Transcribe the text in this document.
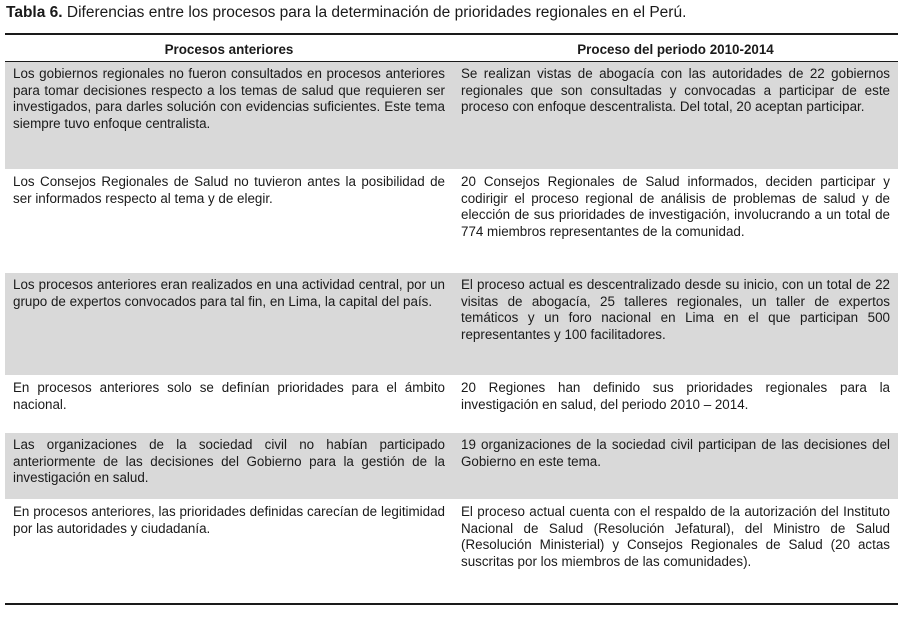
Tabla 6. Diferencias entre los procesos para la determinación de prioridades regionales en el Perú.
Procesos anteriores	Proceso del periodo 2010-2014
Los gobiernos regionales no fueron consultados en procesos anteriores para tomar decisiones respecto a los temas de salud que requieren ser investigados, para darles solución con evidencias suficientes. Este tema siempre tuvo enfoque centralista.
Se realizan vistas de abogacía con las autoridades de 22 gobiernos regionales que son consultadas y convocadas a participar de este proceso con enfoque descentralista. Del total, 20 aceptan participar.
Los Consejos Regionales de Salud no tuvieron antes la posibilidad de ser informados respecto al tema y de elegir.
20 Consejos Regionales de Salud informados, deciden participar y codirigir el proceso regional de análisis de problemas de salud y de elección de sus prioridades de investigación, involucrando a un total de 774 miembros representantes de la comunidad.
Los procesos anteriores eran realizados en una actividad central, por un grupo de expertos convocados para tal fin, en Lima, la capital del país.
El proceso actual es descentralizado desde su inicio, con un total de 22 visitas de abogacía, 25 talleres regionales, un taller de expertos temáticos y un foro nacional en Lima en el que participan 500 representantes y 100 facilitadores.
En procesos anteriores solo se definían prioridades para el ámbito nacional.
20 Regiones han definido sus prioridades regionales para la investigación en salud, del periodo 2010 – 2014.
Las organizaciones de la sociedad civil no habían participado anteriormente de las decisiones del Gobierno para la gestión de la investigación en salud.
19 organizaciones de la sociedad civil participan de las decisiones del Gobierno en este tema.
En procesos anteriores, las prioridades definidas carecían de legitimidad por las autoridades y ciudadanía.
El proceso actual cuenta con el respaldo de la autorización del Instituto Nacional de Salud (Resolución Jefatural), del Ministro de Salud (Resolución Ministerial) y Consejos Regionales de Salud (20 actas suscritas por los miembros de las comunidades).
